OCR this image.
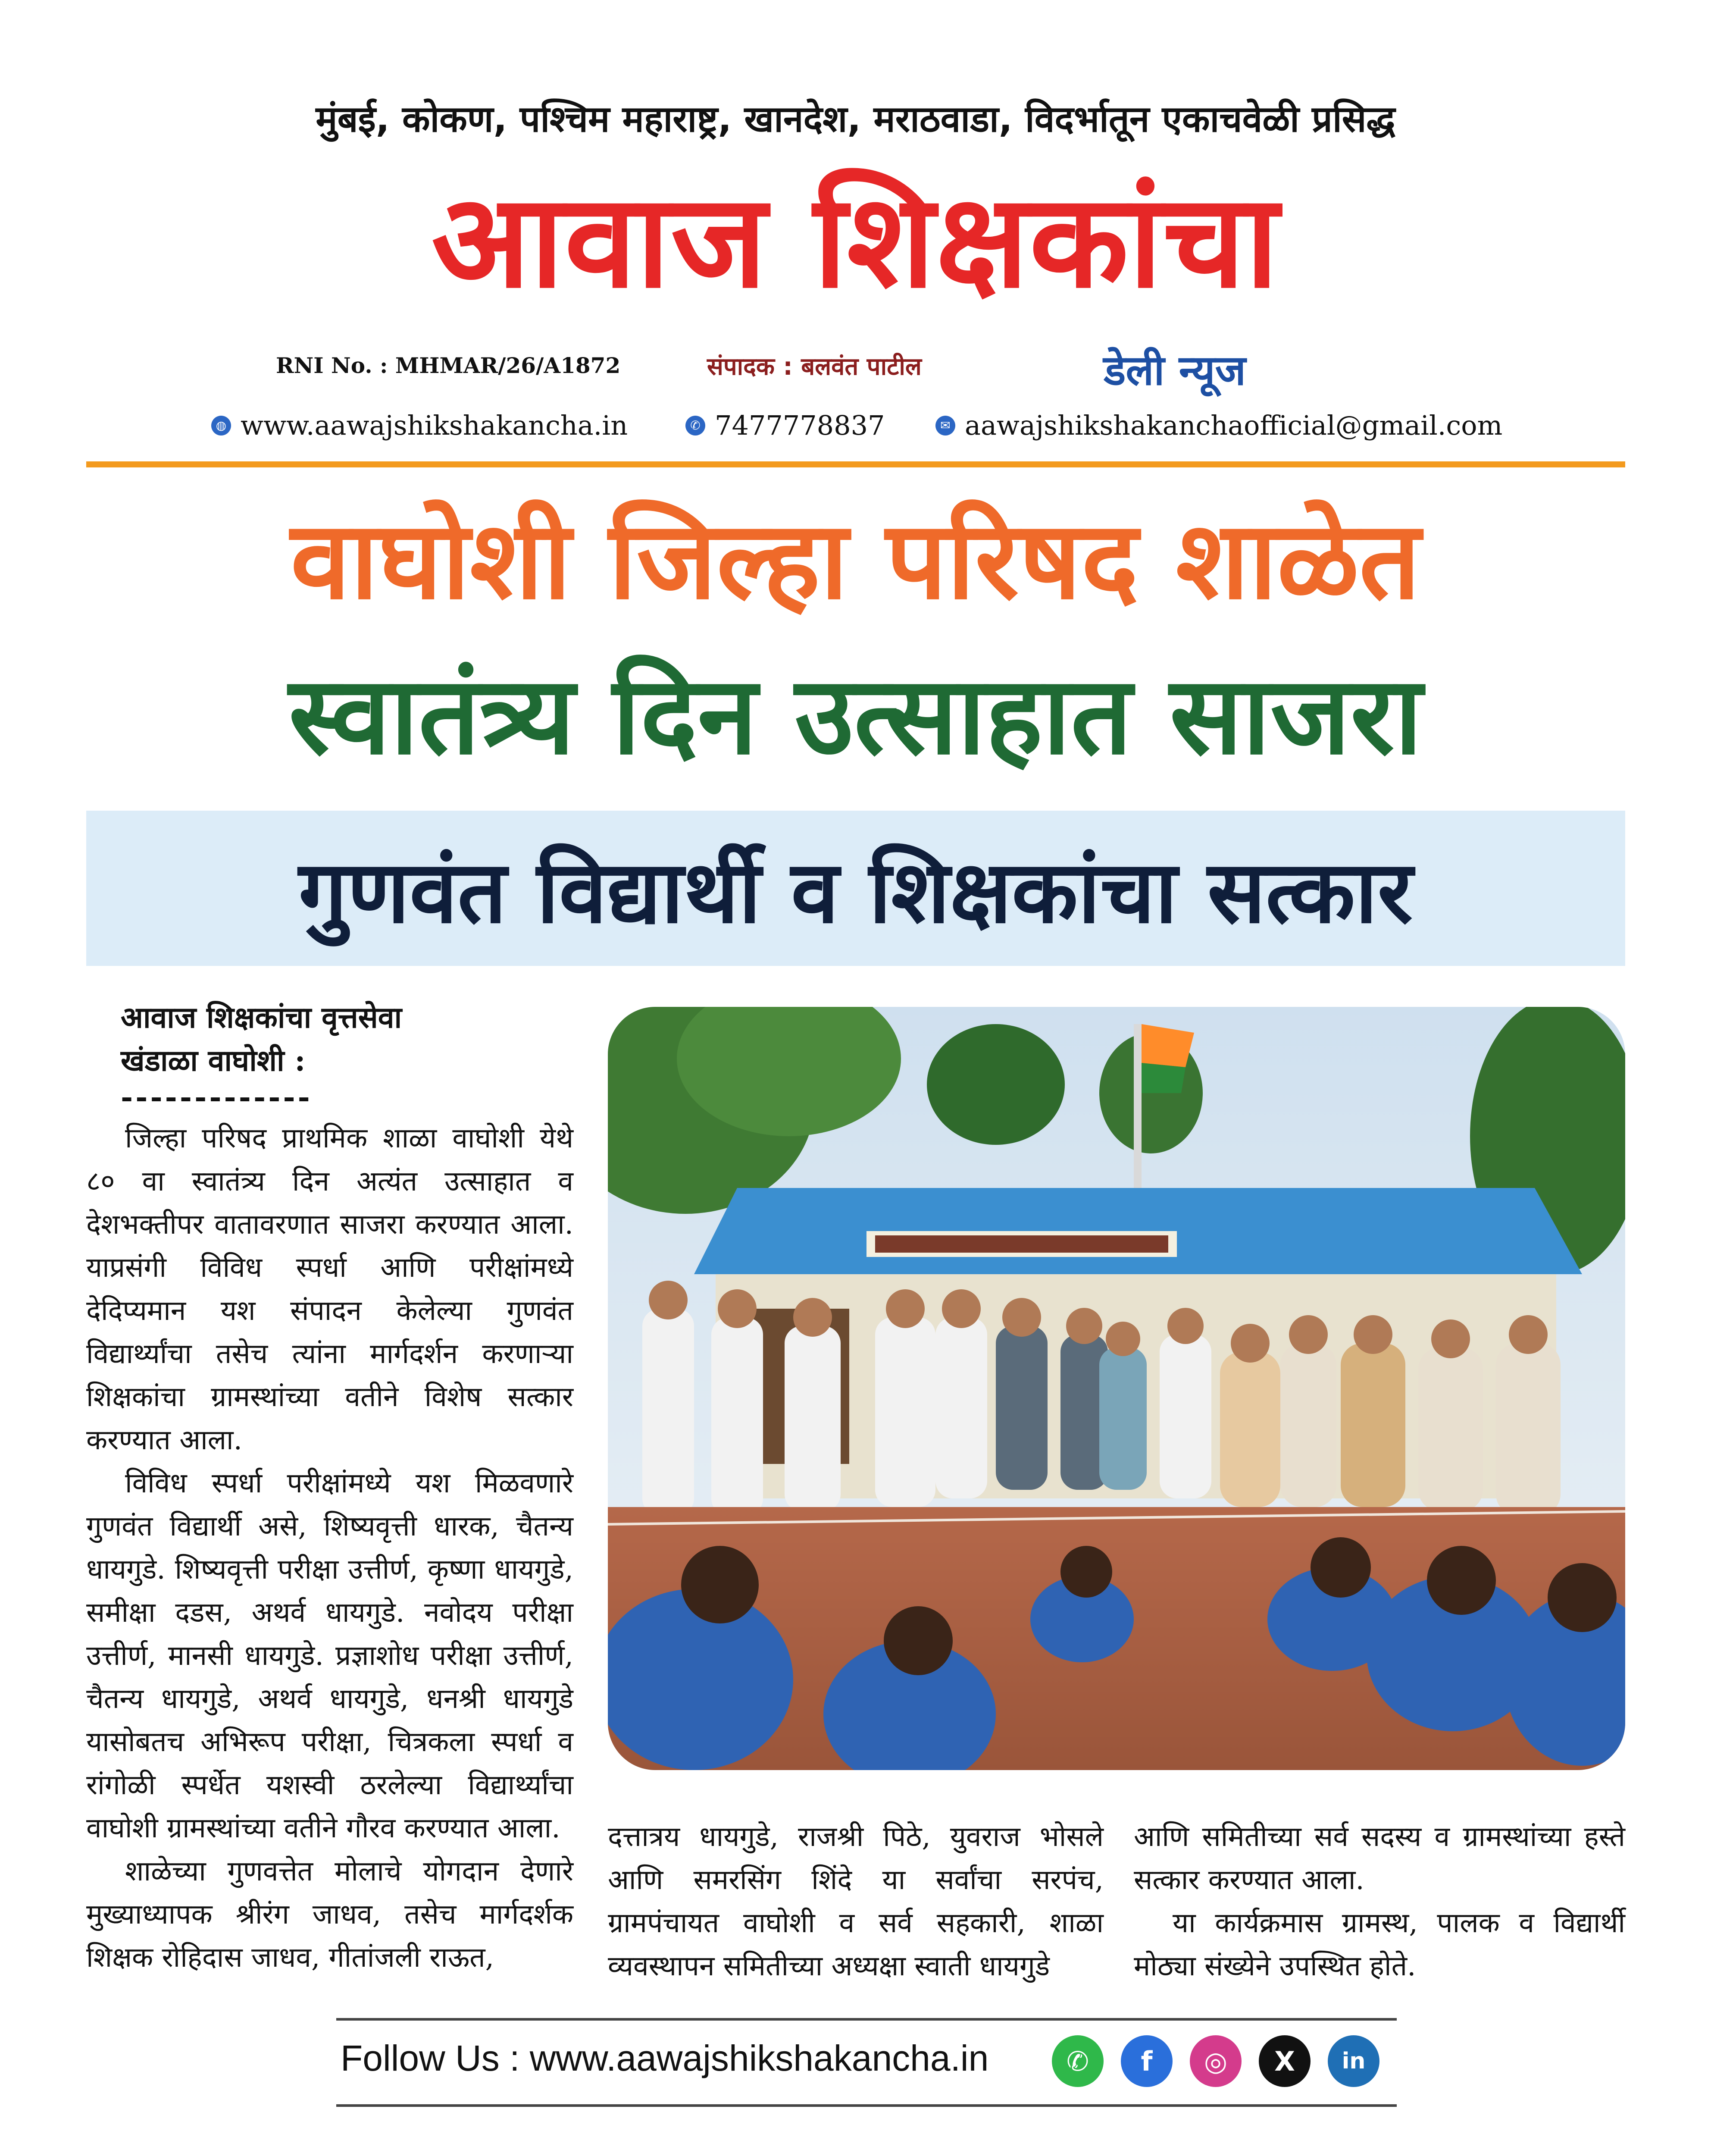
मुंबई, कोकण, पश्चिम महाराष्ट्र, खानदेश, मराठवाडा, विदर्भातून एकाचवेळी प्रसिद्ध
आवाज शिक्षकांचा
RNI No. : MHMAR/26/A1872	संपादक : बलवंत पाटील	डेली न्यूज
◍ www.aawajshikshakancha.in	✆ 7477778837	✉ aawajshikshakanchaofficial@gmail.com
वाघोशी जिल्हा परिषद शाळेत
स्वातंत्र्य दिन उत्साहात साजरा
गुणवंत विद्यार्थी व शिक्षकांचा सत्कार
आवाज शिक्षकांचा वृत्तसेवा
खंडाळा वाघोशी :
-------------

जिल्हा परिषद प्राथमिक शाळा वाघोशी येथे ८० वा स्वातंत्र्य दिन अत्यंत उत्साहात व देशभक्तीपर वातावरणात साजरा करण्यात आला. याप्रसंगी विविध स्पर्धा आणि परीक्षांमध्ये देदिप्यमान यश संपादन केलेल्या गुणवंत विद्यार्थ्यांचा तसेच त्यांना मार्गदर्शन करणाऱ्या शिक्षकांचा ग्रामस्थांच्या वतीने विशेष सत्कार करण्यात आला.

विविध स्पर्धा परीक्षांमध्ये यश मिळवणारे गुणवंत विद्यार्थी असे, शिष्यवृत्ती धारक, चैतन्य धायगुडे. शिष्यवृत्ती परीक्षा उत्तीर्ण, कृष्णा धायगुडे, समीक्षा दडस, अथर्व धायगुडे. नवोदय परीक्षा उत्तीर्ण, मानसी धायगुडे. प्रज्ञाशोध परीक्षा उत्तीर्ण, चैतन्य धायगुडे, अथर्व धायगुडे, धनश्री धायगुडे यासोबतच अभिरूप परीक्षा, चित्रकला स्पर्धा व रांगोळी स्पर्धेत यशस्वी ठरलेल्या विद्यार्थ्यांचा वाघोशी ग्रामस्थांच्या वतीने गौरव करण्यात आला.

शाळेच्या गुणवत्तेत मोलाचे योगदान देणारे मुख्याध्यापक श्रीरंग जाधव, तसेच मार्गदर्शक शिक्षक रोहिदास जाधव, गीतांजली राऊत,

दत्तात्रय धायगुडे, राजश्री पिठे, युवराज भोसले आणि समरसिंग शिंदे या सर्वांचा सरपंच, ग्रामपंचायत वाघोशी व सर्व सहकारी, शाळा व्यवस्थापन समितीच्या अध्यक्षा स्वाती धायगुडे
आणि समितीच्या सर्व सदस्य व ग्रामस्थांच्या हस्ते सत्कार करण्यात आला.

या कार्यक्रमास ग्रामस्थ, पालक व विद्यार्थी मोठ्या संख्येने उपस्थित होते.

Follow Us : www.aawajshikshakancha.in	✆	f	◎	X	in
